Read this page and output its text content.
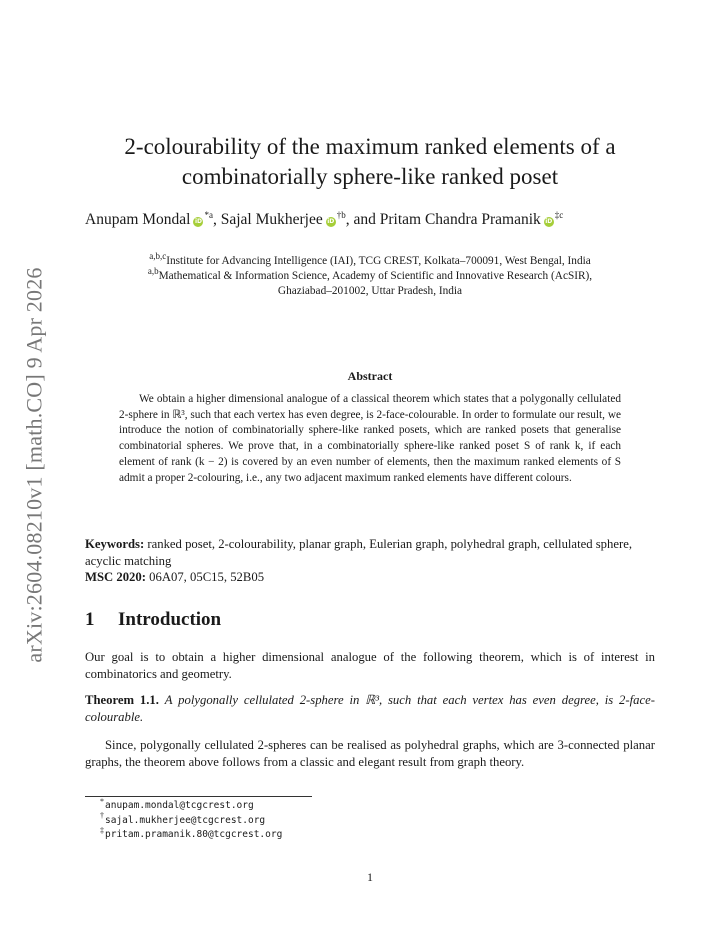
arXiv:2604.08210v1 [math.CO] 9 Apr 2026
2-colourability of the maximum ranked elements of a
combinatorially sphere-like ranked poset
Anupam Mondal $iD^{*a}$, Sajal Mukherjee $iD^{\dagger b}$, and Pritam Chandra Pramanik $iD^{\ddagger c}$
$^{a,b,c}$Institute for Advancing Intelligence (IAI), TCG CREST, Kolkata–700091, West Bengal, India
$^{a,b}$Mathematical & Information Science, Academy of Scientific and Innovative Research (AcSIR),
Ghaziabad–201002, Uttar Pradesh, India
Abstract
We obtain a higher dimensional analogue of a classical theorem which states that a polygonally cellulated 2-sphere in ℝ³, such that each vertex has even degree, is 2-face-colourable. In order to formulate our result, we introduce the notion of combinatorially sphere-like ranked posets, which are ranked posets that generalise combinatorial spheres. We prove that, in a combinatorially sphere-like ranked poset S of rank k, if each element of rank (k − 2) is covered by an even number of elements, then the maximum ranked elements of S admit a proper 2-colouring, i.e., any two adjacent maximum ranked elements have different colours.
Keywords: ranked poset, 2-colourability, planar graph, Eulerian graph, polyhedral graph, cellulated sphere, acyclic matching
MSC 2020: 06A07, 05C15, 52B05
1 Introduction
Our goal is to obtain a higher dimensional analogue of the following theorem, which is of interest in combinatorics and geometry.
Theorem 1.1. A polygonally cellulated 2-sphere in ℝ³, such that each vertex has even degree, is 2-face-colourable.
Since, polygonally cellulated 2-spheres can be realised as polyhedral graphs, which are 3-connected planar graphs, the theorem above follows from a classic and elegant result from graph theory.
*anupam.mondal@tcgcrest.org
†sajal.mukherjee@tcgcrest.org
‡pritam.pramanik.80@tcgcrest.org
1
